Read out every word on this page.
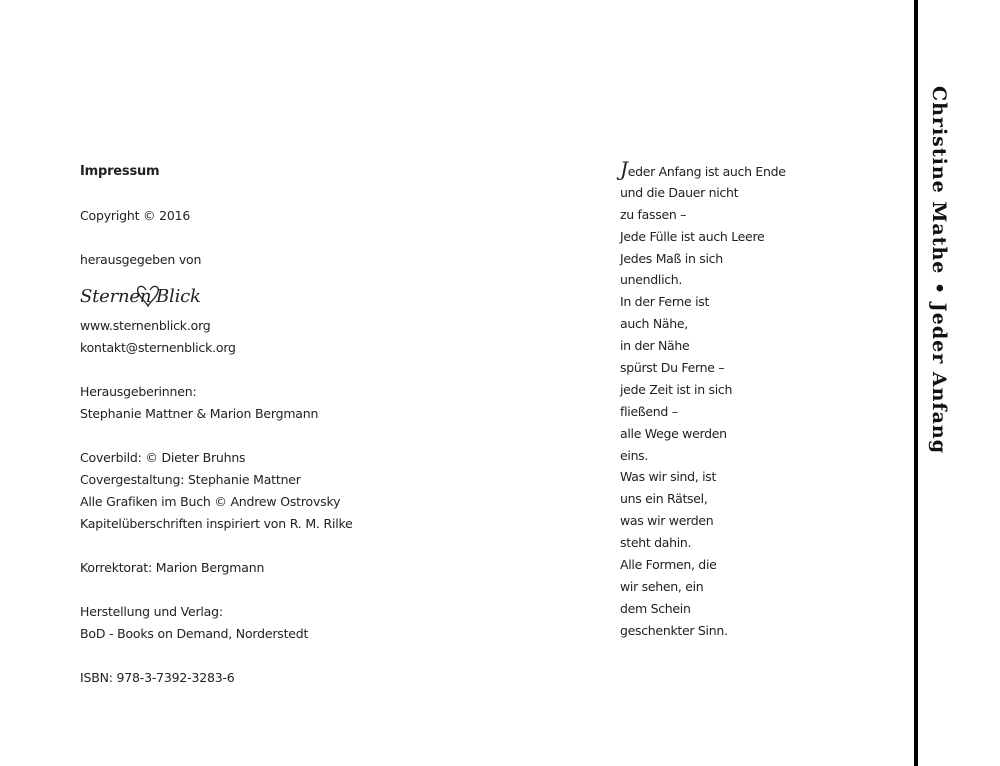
Impressum
Copyright © 2016
herausgegeben von
Sternen Blick
www.sternenblick.org
kontakt@sternenblick.org
Herausgeberinnen:
Stephanie Mattner & Marion Bergmann
Coverbild: © Dieter Bruhns
Covergestaltung: Stephanie Mattner
Alle Grafiken im Buch © Andrew Ostrovsky
Kapitelüberschriften inspiriert von R. M. Rilke
Korrektorat: Marion Bergmann
Herstellung und Verlag:
BoD - Books on Demand, Norderstedt
ISBN: 978-3-7392-3283-6
Jeder Anfang ist auch Ende
und die Dauer nicht
zu fassen –
Jede Fülle ist auch Leere
Jedes Maß in sich
unendlich.
In der Ferne ist
auch Nähe,
in der Nähe
spürst Du Ferne –
jede Zeit ist in sich
fließend –
alle Wege werden
eins.
Was wir sind, ist
uns ein Rätsel,
was wir werden
steht dahin.
Alle Formen, die
wir sehen, ein
dem Schein
geschenkter Sinn.
Christine Mathe • Jeder Anfang
